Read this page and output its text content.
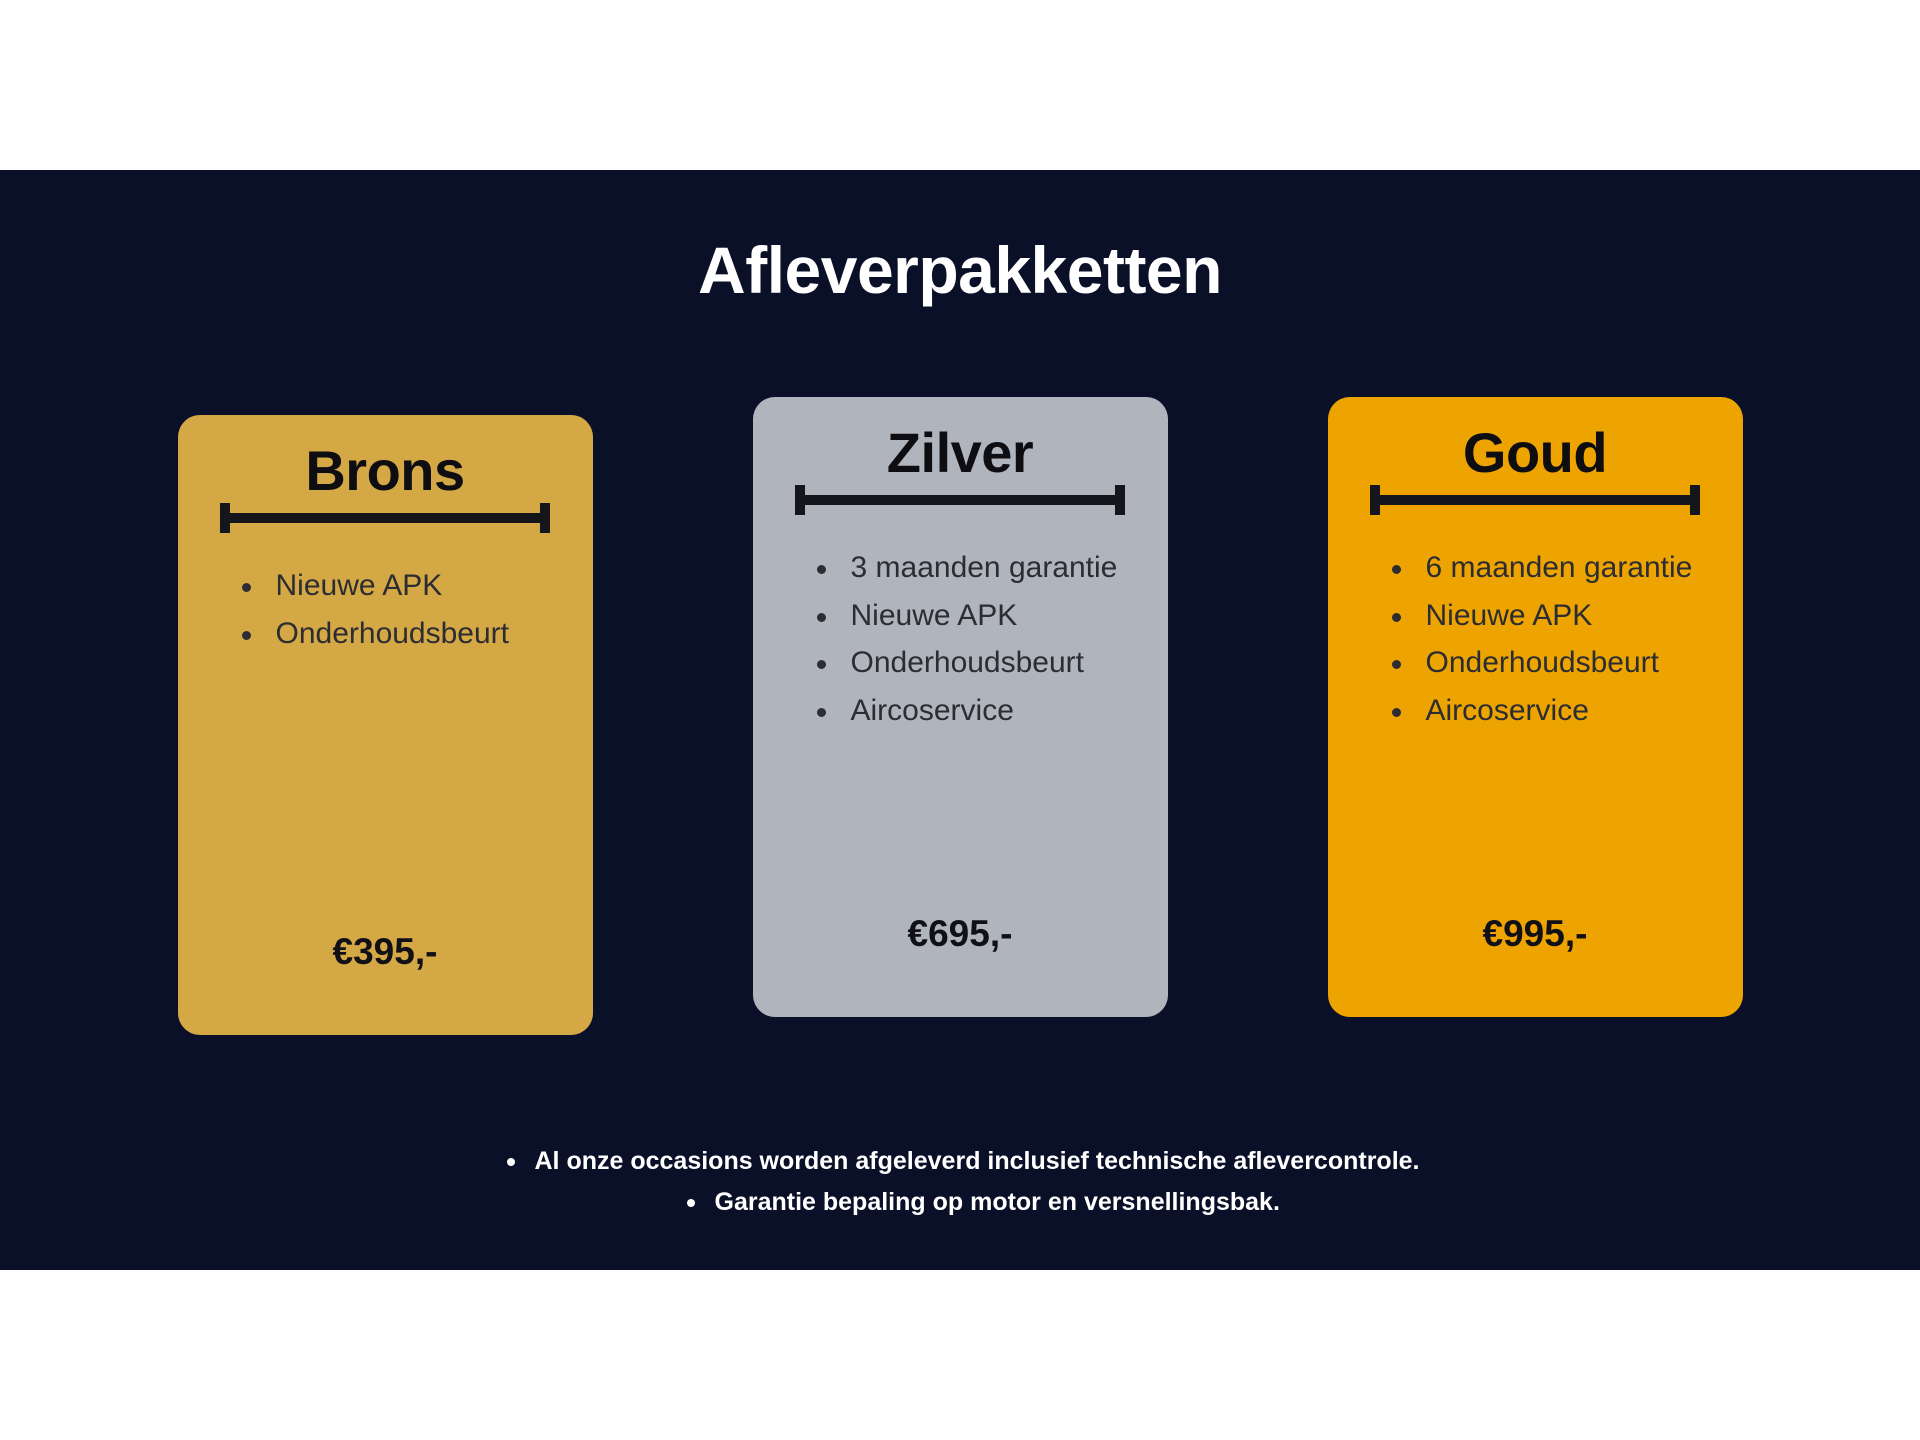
Afleverpakketten
Brons
Nieuwe APK
Onderhoudsbeurt
€395,-
Zilver
3 maanden garantie
Nieuwe APK
Onderhoudsbeurt
Aircoservice
€695,-
Goud
6 maanden garantie
Nieuwe APK
Onderhoudsbeurt
Aircoservice
€995,-
Al onze occasions worden afgeleverd inclusief technische aflevercontrole.
Garantie bepaling op motor en versnellingsbak.
